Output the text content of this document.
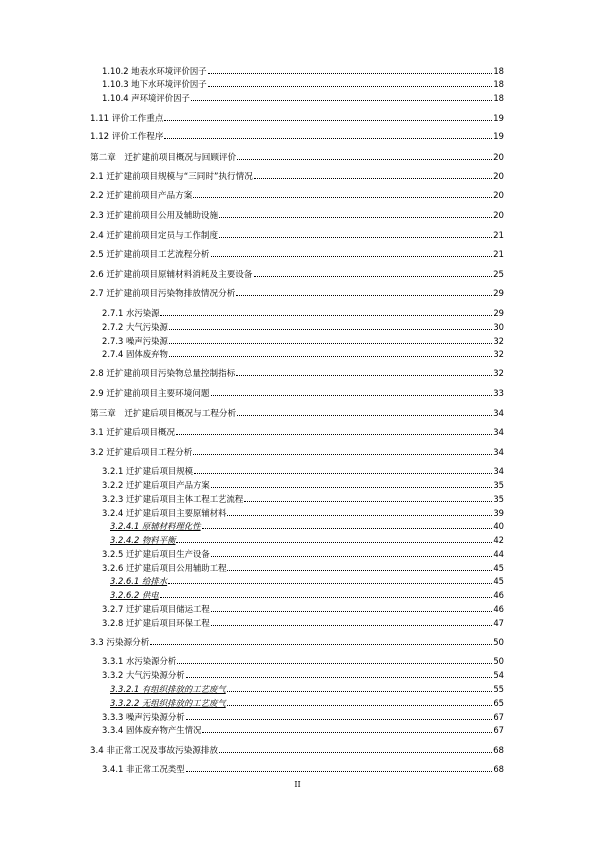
1.10.2 地表水环境评价因子	18
1.10.3 地下水环境评价因子	18
1.10.4 声环境评价因子	18
1.11 评价工作重点	19
1.12 评价工作程序	19
第二章　迁扩建前项目概况与回顾评价	20
2.1 迁扩建前项目规模与“三同时”执行情况	20
2.2 迁扩建前项目产品方案	20
2.3 迁扩建前项目公用及辅助设施	20
2.4 迁扩建前项目定员与工作制度	21
2.5 迁扩建前项目工艺流程分析	21
2.6 迁扩建前项目原辅材料消耗及主要设备	25
2.7 迁扩建前项目污染物排放情况分析	29
2.7.1 水污染源	29
2.7.2 大气污染源	30
2.7.3 噪声污染源	32
2.7.4 固体废弃物	32
2.8 迁扩建前项目污染物总量控制指标	32
2.9 迁扩建前项目主要环境问题	33
第三章　迁扩建后项目概况与工程分析	34
3.1 迁扩建后项目概况	34
3.2 迁扩建后项目工程分析	34
3.2.1 迁扩建后项目规模	34
3.2.2 迁扩建后项目产品方案	35
3.2.3 迁扩建后项目主体工程工艺流程	35
3.2.4 迁扩建后项目主要原辅材料	39
3.2.4.1 原辅材料理化性	40
3.2.4.2 物料平衡	42
3.2.5 迁扩建后项目生产设备	44
3.2.6 迁扩建后项目公用辅助工程	45
3.2.6.1 给排水	45
3.2.6.2 供电	46
3.2.7 迁扩建后项目储运工程	46
3.2.8 迁扩建后项目环保工程	47
3.3 污染源分析	50
3.3.1 水污染源分析	50
3.3.2 大气污染源分析	54
3.3.2.1 有组织排放的工艺废气	55
3.3.2.2 无组织排放的工艺废气	65
3.3.3 噪声污染源分析	67
3.3.4 固体废弃物产生情况	67
3.4 非正常工况及事故污染源排放	68
3.4.1 非正常工况类型	68
II
